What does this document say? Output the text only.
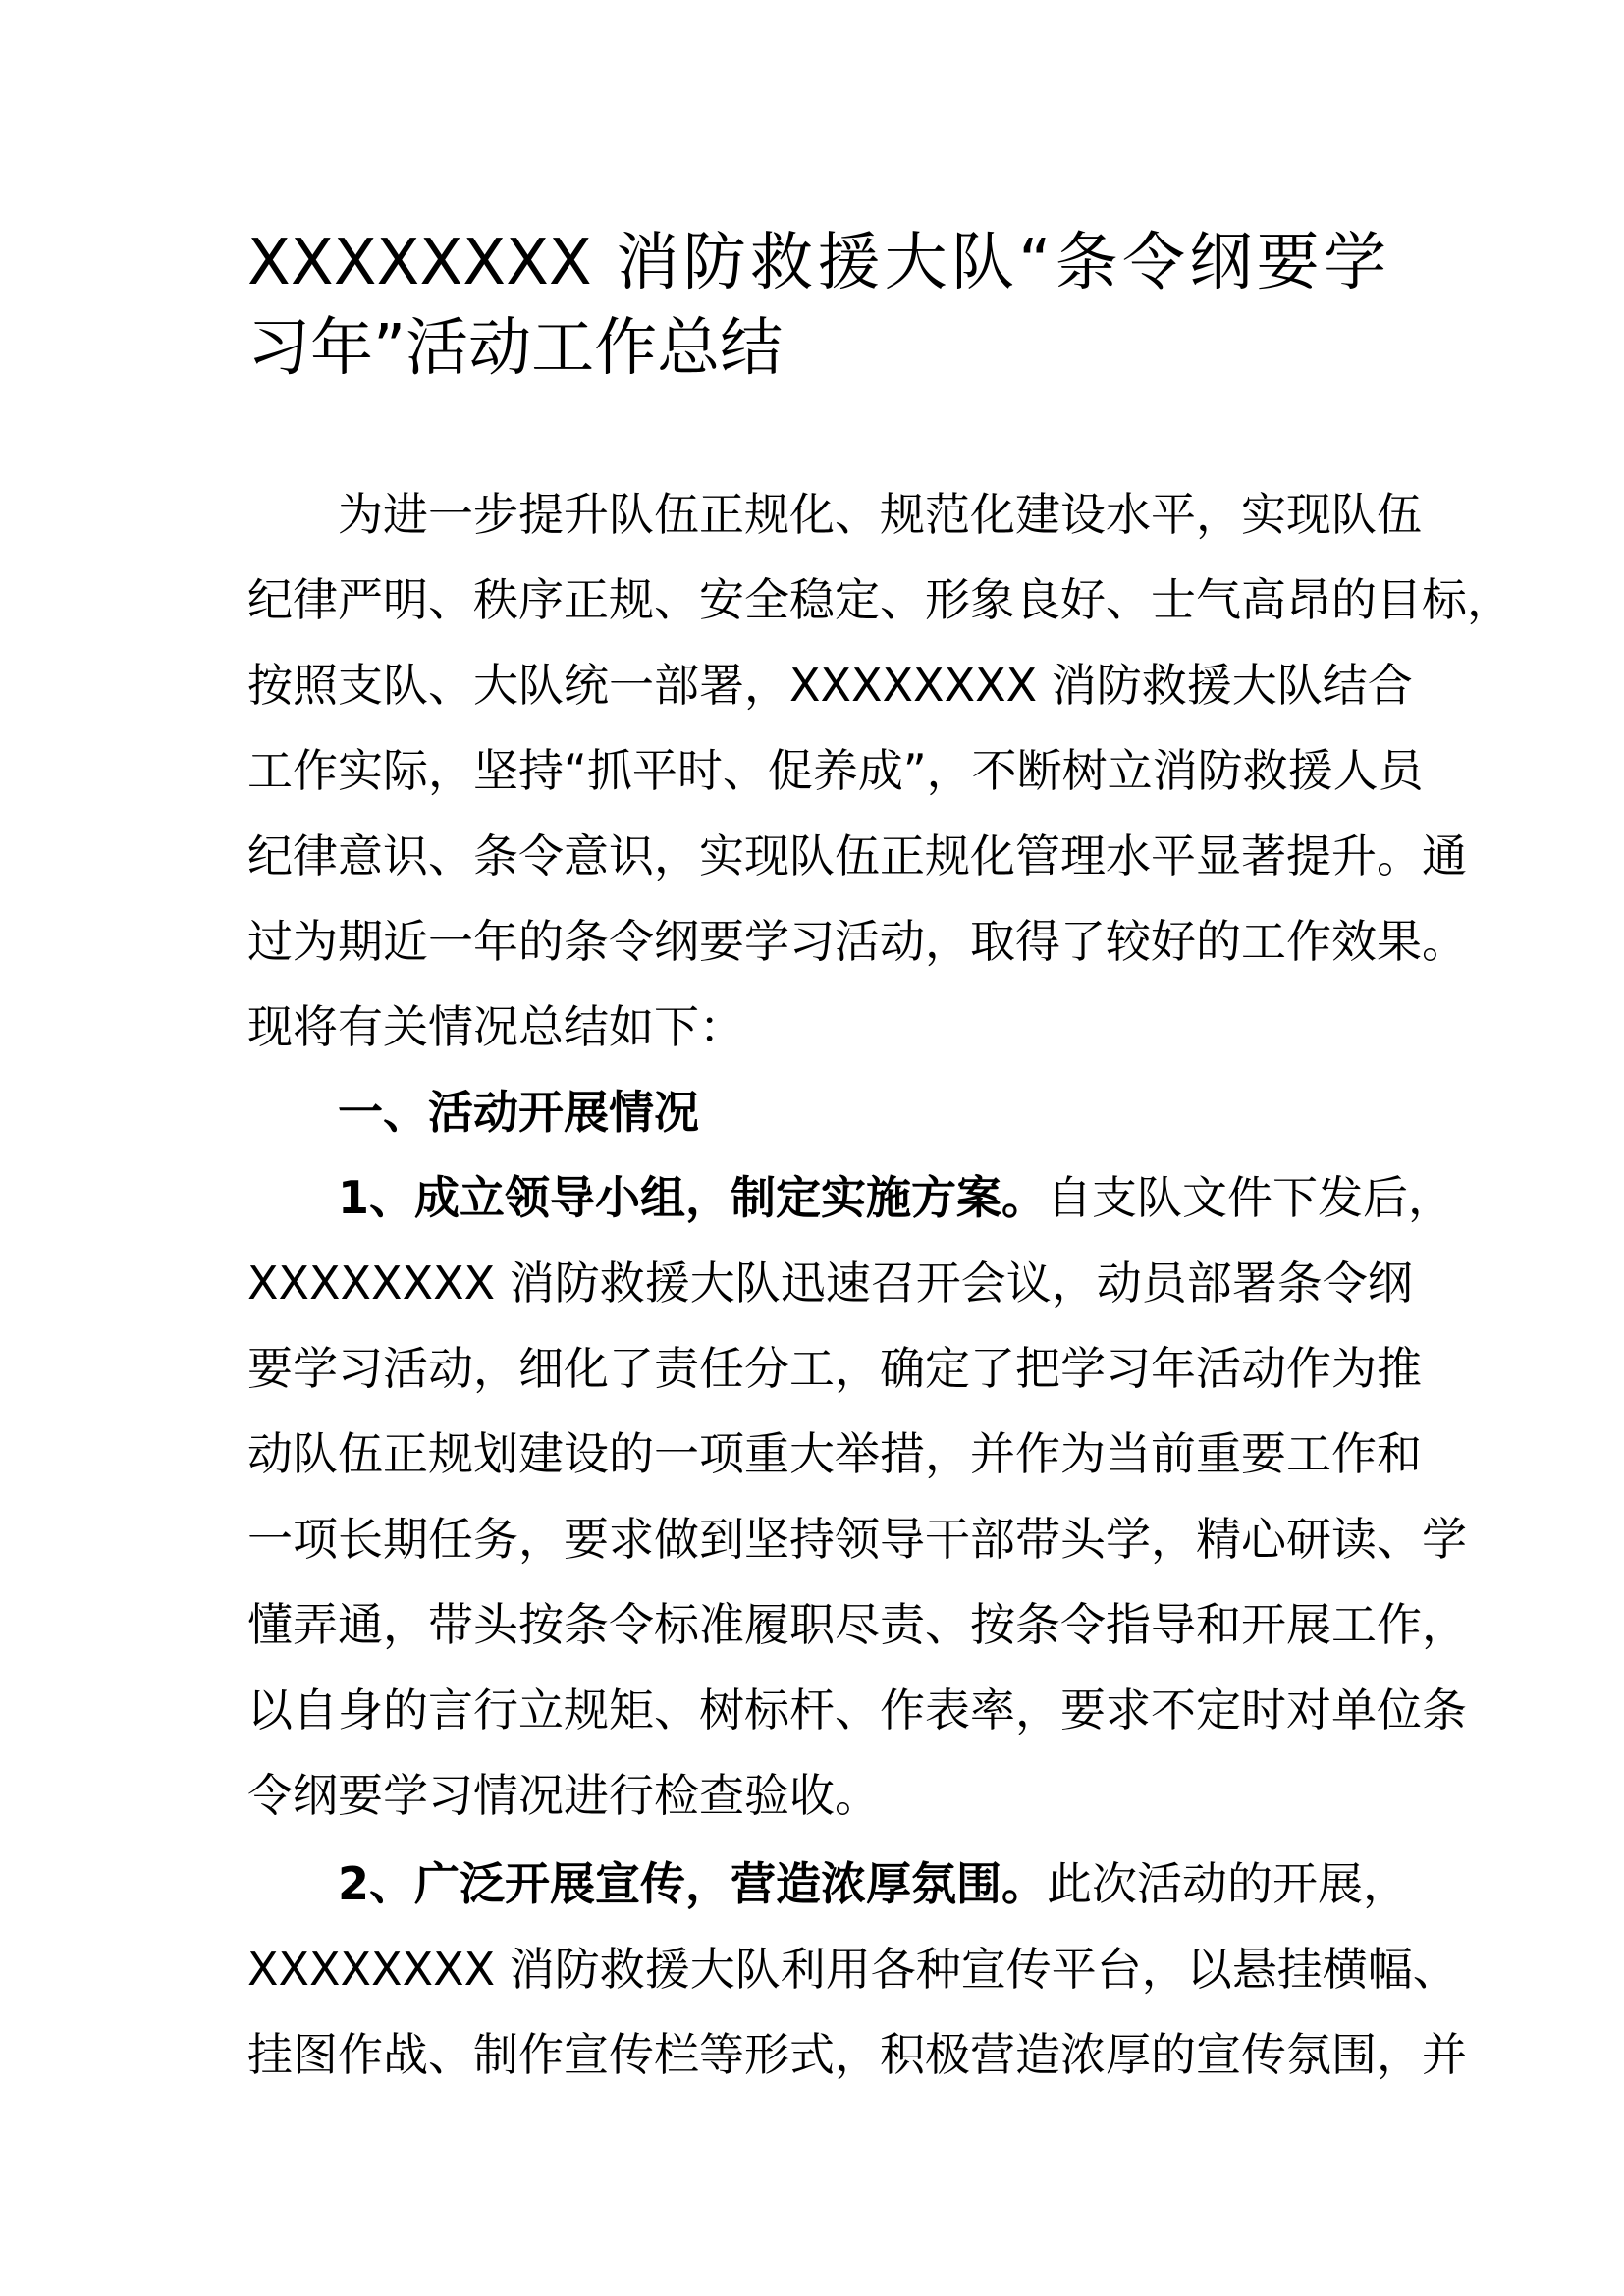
XXXXXXXX 消防救援大队“条令纲要学
习年”活动工作总结
为进一步提升队伍正规化、规范化建设水平，实现队伍
纪律严明、秩序正规、安全稳定、形象良好、士气高昂的目标，
按照支队、大队统一部署，XXXXXXXX 消防救援大队结合
工作实际，坚持“抓平时、促养成”，不断树立消防救援人员
纪律意识、条令意识，实现队伍正规化管理水平显著提升。通
过为期近一年的条令纲要学习活动，取得了较好的工作效果。
现将有关情况总结如下：
一、活动开展情况
1、成立领导小组，制定实施方案。自支队文件下发后，
XXXXXXXX 消防救援大队迅速召开会议，动员部署条令纲
要学习活动，细化了责任分工，确定了把学习年活动作为推
动队伍正规划建设的一项重大举措，并作为当前重要工作和
一项长期任务，要求做到坚持领导干部带头学，精心研读、学
懂弄通，带头按条令标准履职尽责、按条令指导和开展工作，
以自身的言行立规矩、树标杆、作表率，要求不定时对单位条
令纲要学习情况进行检查验收。
2、广泛开展宣传，营造浓厚氛围。此次活动的开展，
XXXXXXXX 消防救援大队利用各种宣传平台，以悬挂横幅、
挂图作战、制作宣传栏等形式，积极营造浓厚的宣传氛围，并
